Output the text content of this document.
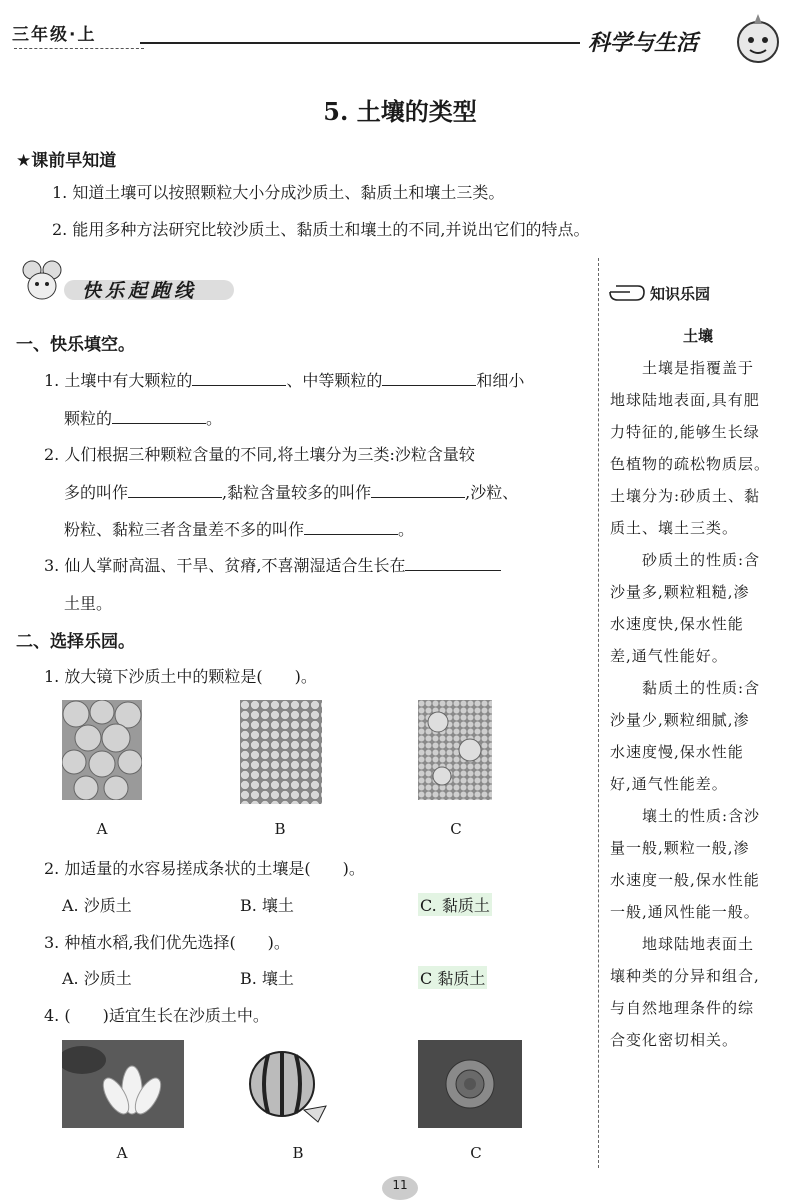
三年级·上	科学与生活
5. 土壤的类型
★课前早知道
1. 知道土壤可以按照颗粒大小分成沙质土、黏质土和壤土三类。
2. 能用多种方法研究比较沙质土、黏质土和壤土的不同,并说出它们的特点。
快乐起跑线
一、快乐填空。
1. 土壤中有大颗粒的	、中等颗粒的	和细小
颗粒的	。
2. 人们根据三种颗粒含量的不同,将土壤分为三类:沙粒含量较
多的叫作	,黏粒含量较多的叫作	,沙粒、
粉粒、黏粒三者含量差不多的叫作	。
3. 仙人掌耐高温、干旱、贫瘠,不喜潮湿适合生长在
土里。
二、选择乐园。
1. 放大镜下沙质土中的颗粒是(　　)。
A	B	C
2. 加适量的水容易搓成条状的土壤是(　　)。
A. 沙质土	B. 壤土	C. 黏质土
3. 种植水稻,我们优先选择(　　)。
A. 沙质土	B. 壤土	C 黏质土
4. (　　)适宜生长在沙质土中。
A	B	C
知识乐园
土壤
　　土壤是指覆盖于
地球陆地表面,具有肥
力特征的,能够生长绿
色植物的疏松物质层。
土壤分为:砂质土、黏
质土、壤土三类。
　　砂质土的性质:含
沙量多,颗粒粗糙,渗
水速度快,保水性能
差,通气性能好。
　　黏质土的性质:含
沙量少,颗粒细腻,渗
水速度慢,保水性能
好,通气性能差。
　　壤土的性质:含沙
量一般,颗粒一般,渗
水速度一般,保水性能
一般,通风性能一般。
　　地球陆地表面土
壤种类的分异和组合,
与自然地理条件的综
合变化密切相关。
11
